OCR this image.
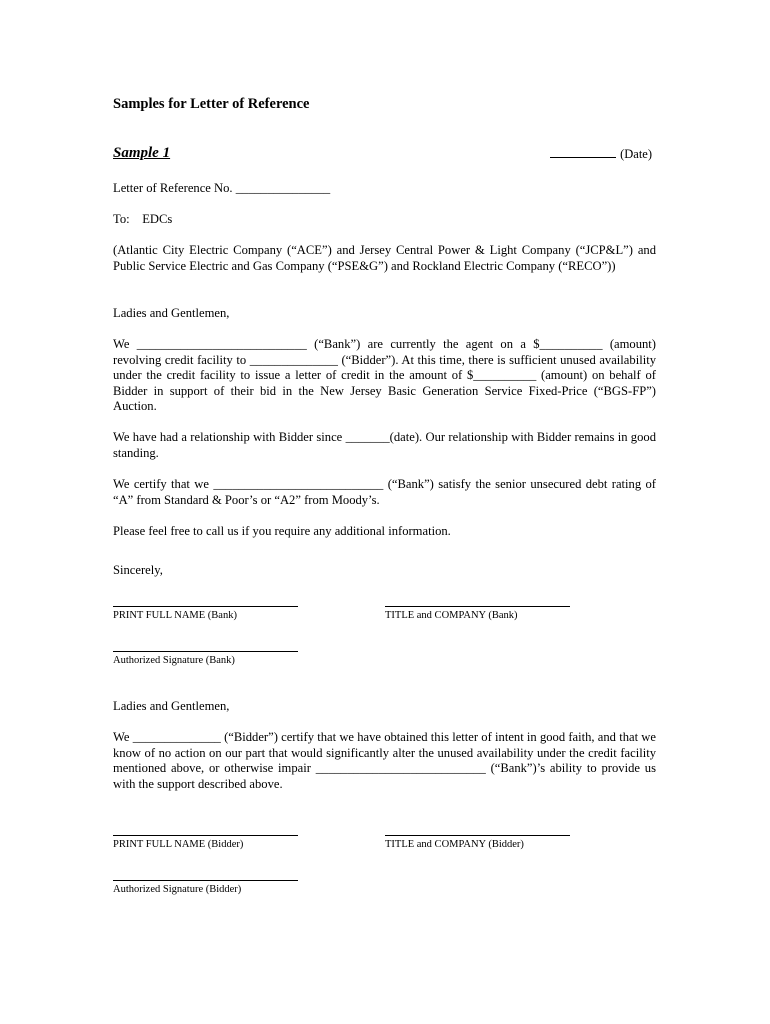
Samples for Letter of Reference
Sample 1	(Date)

Letter of Reference No. _______________

To:    EDCs

(Atlantic City Electric Company (“ACE”) and Jersey Central Power & Light Company (“JCP&L”) and Public Service Electric and Gas Company (“PSE&G”) and Rockland Electric Company (“RECO”))

Ladies and Gentlemen,

We ___________________________ (“Bank”) are currently the agent on a $__________ (amount) revolving credit facility to ______________ (“Bidder”). At this time, there is sufficient unused availability under the credit facility to issue a letter of credit in the amount of $__________ (amount) on behalf of Bidder in support of their bid in the New Jersey Basic Generation Service Fixed-Price (“BGS-FP”) Auction.

We have had a relationship with Bidder since _______(date). Our relationship with Bidder remains in good standing.

We certify that we ___________________________ (“Bank”) satisfy the senior unsecured debt rating of “A” from Standard & Poor’s or “A2” from Moody’s.

Please feel free to call us if you require any additional information.

Sincerely,

PRINT FULL NAME (Bank)	TITLE and COMPANY (Bank)

Authorized Signature (Bank)

Ladies and Gentlemen,

We ______________ (“Bidder”) certify that we have obtained this letter of intent in good faith, and that we know of no action on our part that would significantly alter the unused availability under the credit facility mentioned above, or otherwise impair ___________________________ (“Bank”)’s ability to provide us with the support described above.

PRINT FULL NAME (Bidder)	TITLE and COMPANY (Bidder)

Authorized Signature (Bidder)
